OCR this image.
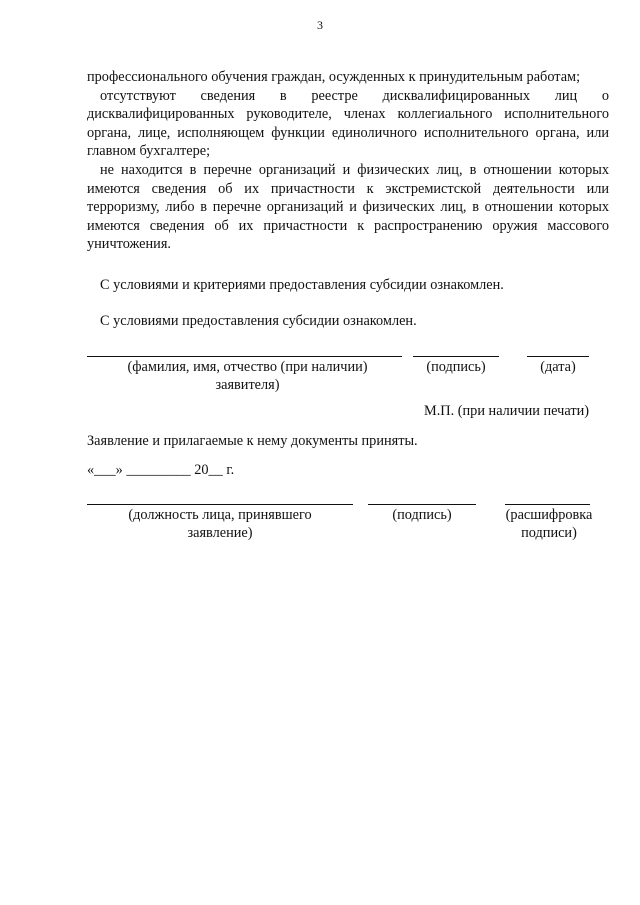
3

профессионального обучения граждан, осужденных к принудительным работам;

отсутствуют сведения в реестре дисквалифицированных лиц о дисквалифицированных руководителе, членах коллегиального исполнительного органа, лице, исполняющем функции единоличного исполнительного органа, или главном бухгалтере;

не находится в перечне организаций и физических лиц, в отношении которых имеются сведения об их причастности к экстремистской деятельности или терроризму, либо в перечне организаций и физических лиц, в отношении которых имеются сведения об их причастности к распространению оружия массового уничтожения.

С условиями и критериями предоставления субсидии ознакомлен.
С условиями предоставления субсидии ознакомлен.
(фамилия, имя, отчество (при наличии) заявителя)
(подпись)	(дата)
М.П. (при наличии печати)
Заявление и прилагаемые к нему документы приняты.
«___» _________ 20__ г.
(должность лица, принявшего заявление)
(подпись)	(расшифровка подписи)
